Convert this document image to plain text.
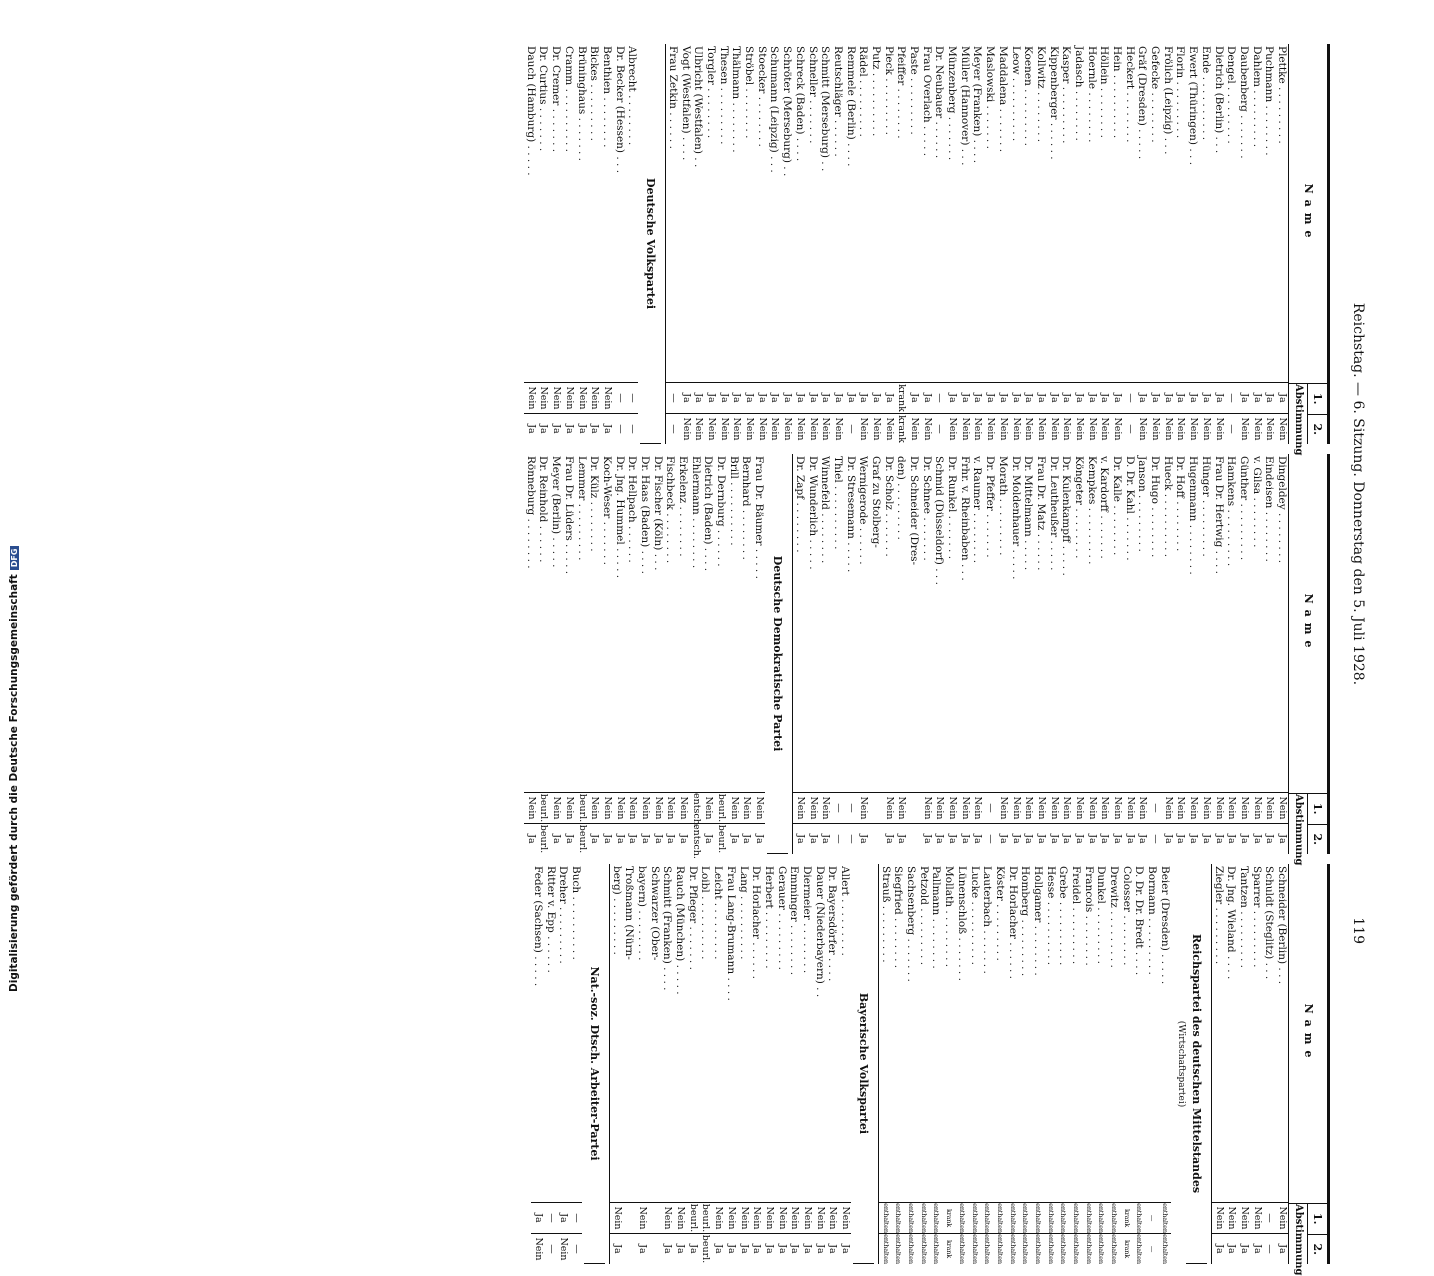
Digitalisierung gefördert durch die Deutsche ForschungsgemeinschaftDFG	Reichstag. — 6. Sitzung. Donnerstag den 5. Juli 1928.
119
Name
1.
2.
Abstimmung
Plettke . . . . . . . . .
Ja
Nein
Puchmann . . . . . . . .
Ja
Nein
Dahlem . . . . . . . . .
Ja
Nein
Daubenberg . . . . . . .
Ja
Nein
Dengel . . . . . . . . .
—
—
Dietrich (Berlin) . . .
Ja
Nein
Ende . . . . . . . . . .
Ja
Nein
Ewert (Thüringen) . . .
Ja
Nein
Florin . . . . . . . . .
Ja
Nein
Frölich (Leipzig) . . .
Ja
Nein
Gefecke . . . . . . . .
Ja
Nein
Gräf (Dresden) . . . . .
Ja
Nein
Heckert . . . . . . . .
—
—
Hein . . . . . . . . . .
Ja
Nein
Höllein . . . . . . . .
Ja
Nein
Hoernle . . . . . . . .
Ja
Nein
Jadasch . . . . . . . .
Ja
Nein
Kasper . . . . . . . . .
Ja
Nein
Kippenberger . . . . . .
Ja
Nein
Kollwitz . . . . . . . .
Ja
Nein
Koenen . . . . . . . . .
Ja
Nein
Leow . . . . . . . . . .
Ja
Nein
Maddalena . . . . . . .
Ja
Nein
Maslowski . . . . . . .
Ja
Nein
Meyer (Franken) . . . .
Ja
Nein
Müller (Hannover) . . .
Ja
Nein
Münzenberg . . . . . . .
Ja
Nein
Dr. Neubauer . . . . . .
—
—
Frau Overlach . . . . .
Ja
Nein
Paste . . . . . . . . .
Ja
Nein
Pfeiffer . . . . . . . .
krank
krank
Pieck . . . . . . . . .
Ja
Nein
Putz . . . . . . . . . .
Ja
Nein
Rädel . . . . . . . . .
Ja
Nein
Remmele (Berlin) . . . .
Ja
—
Reutschläger . . . . . .
Ja
Nein
Schmitt (Merseburg) . .
Ja
Nein
Schneller . . . . . . .
Ja
Nein
Schreck (Baden) . . . .
Ja
Nein
Schröter (Merseburg) . .
Ja
Nein
Schumann (Leipzig) . . .
Ja
Nein
Stoecker . . . . . . . .
Ja
Nein
Ströbel . . . . . . . .
Ja
Nein
Thälmann . . . . . . . .
Ja
Nein
Thesen . . . . . . . . .
Ja
Nein
Torgler . . . . . . . .
Ja
Nein
Ulbricht (Westfalen) . .
Ja
Nein
Vogt (Westfalen) . . . .
Ja
Nein
Frau Zetkin . . . . . .
—
—
Deutsche Volkspartei
Albrecht . . . . . . . .
—
—
Dr. Becker (Hessen) . . .
—
—
Benthien . . . . . . . .
Nein
Ja
Bickes . . . . . . . . .
Nein
Ja
Brüninghaus . . . . . . .
Nein
Ja
Cramm . . . . . . . . . .
Nein
Ja
Dr. Cremer . . . . . . .
Nein
Ja
Dr. Curtius . . . . . . .
Nein
Ja
Dauch (Hamburg) . . . . .
Nein
Ja
Name
1.
2.
Abstimmung
Dingeldey . . . . . . . .
Nein
Ja
Eindeisen . . . . . . . .
Nein
Ja
v. Gilsa . . . . . . . .
Nein
Ja
Günther . . . . . . . . .
Nein
Ja
Hamkens . . . . . . . . .
Nein
Ja
Frau Dr. Hertwig . . . .
Nein
Ja
Hünger . . . . . . . . .
Nein
Ja
Hugenmann . . . . . . . .
Nein
Ja
Dr. Hoff . . . . . . . .
Nein
Ja
Hueck . . . . . . . . . .
Nein
Ja
Dr. Hugo . . . . . . . .
—
—
Janson . . . . . . . . .
Nein
Ja
D. Dr. Kahl . . . . . . .
Nein
Ja
Dr. Kalle . . . . . . . .
Nein
Ja
v. Kardorff . . . . . . .
Nein
Ja
Kempkes . . . . . . . . .
Nein
Ja
Köngeter . . . . . . . .
Nein
Ja
Dr. Kulenkampff . . . . .
Nein
Ja
Dr. Leutheußer . . . . .
Nein
Ja
Frau Dr. Matz . . . . . .
Nein
Ja
Dr. Mittelmann . . . . .
Nein
Ja
Dr. Moldenhauer . . . . .
Nein
Ja
Morath . . . . . . . . .
Nein
Ja
Dr. Pfeffer . . . . . . .
—
—
v. Raumer . . . . . . . .
Nein
Ja
Frhr. v. Rheinbaben . . .
Nein
Ja
Dr. Runkel . . . . . . .
Nein
Ja
Schmid (Düsseldorf) . . .
Nein
Ja
Dr. Schnee . . . . . . .
Nein
Ja
Dr. Schneider (Dres-
den) . . . . . . . . .
Nein
Ja
Dr. Scholz . . . . . . .
Nein
Ja
Graf zu Stolberg-
Wernigerode . . . . . .
Nein
Ja
Dr. Stresemann . . . . .
—
—
Thiel . . . . . . . . . .
—
—
Winnefeld . . . . . . . .
Nein
Ja
Dr. Wunderlich . . . . .
Nein
Ja
Dr. Zapf . . . . . . . .
Nein
Ja
Deutsche Demokratische Partei
Frau Dr. Bäumer . . . . .
Nein
Ja
Bernhard . . . . . . . .
Nein
Ja
Brill . . . . . . . . . .
Nein
Ja
Dr. Dernburg . . . . . .
beurl.
beurl.
Dietrich (Baden) . . . .
Nein
Ja
Ehlermann . . . . . . . .
entsch.
entsch.
Erkelenz . . . . . . . .
Nein
Ja
Fischbeck . . . . . . . .
Nein
Ja
Dr. Fischer (Köln) . . .
Nein
Ja
Dr. Haas (Baden) . . . .
Nein
Ja
Dr. Hellpach . . . . . .
Nein
Ja
Dr. Jng. Hummel . . . . .
Nein
Ja
Koch-Weser . . . . . . .
Nein
Ja
Dr. Külz . . . . . . . .
Nein
Ja
Lemmer . . . . . . . . .
beurl.
beurl.
Frau Dr. Lüders . . . . .
Nein
Ja
Meyer (Berlin) . . . . .
Nein
Ja
Dr. Reinhold . . . . . .
beurl.
beurl.
Rönneburg . . . . . . . .
Nein
Ja
Name
1.
2.
Abstimmung
Schneider (Berlin) . . .
Nein
Ja
Schuldt (Steglitz) . . .
—
—
Sparrer . . . . . . . . .
Nein
Ja
Tantzen . . . . . . . . .
Nein
Ja
Dr. Jng. Wieland . . . .
Nein
Ja
Ziegler . . . . . . . . .
Nein
Ja
Reichspartei des deutschen Mittelstandes
(Wirtschaftspartei)
Beier (Dresden) . . . . .
enthalten
enthalten
Bormann . . . . . . . . .
—
—
D. Dr. Dr. Bredt . . . .
enthalten
enthalten
Colosser . . . . . . . .
krank
krank
Drewitz . . . . . . . . .
enthalten
enthalten
Dunkel . . . . . . . . .
enthalten
enthalten
Francois . . . . . . . .
enthalten
enthalten
Freidel . . . . . . . . .
enthalten
enthalten
Grebe . . . . . . . . . .
enthalten
enthalten
Hesse . . . . . . . . . .
enthalten
enthalten
Hollgamer . . . . . . . .
enthalten
enthalten
Homberg . . . . . . . . .
enthalten
enthalten
Dr. Horlacher . . . . . .
enthalten
enthalten
Köster . . . . . . . . .
enthalten
enthalten
Lauterbach . . . . . . .
enthalten
enthalten
Lucke . . . . . . . . . .
enthalten
enthalten
Lünenschloß . . . . . . .
enthalten
enthalten
Mollath . . . . . . . . .
krank
krank
Pallmann . . . . . . . .
enthalten
enthalten
Petzold . . . . . . . . .
enthalten
enthalten
Sachsenberg . . . . . . .
enthalten
enthalten
Siegfried . . . . . . . .
enthalten
enthalten
Strauß . . . . . . . . .
enthalten
enthalten
Bayerische Volkspartei
Allert . . . . . . . . .
Nein
Ja
Dr. Bayersdörfer . . . .
Nein
Ja
Dauer (Niederbayern) . .
Nein
Ja
Diermeier . . . . . . . .
Nein
Ja
Emminger . . . . . . . .
Nein
Ja
Gerauer . . . . . . . . .
Nein
Ja
Herbert . . . . . . . . .
Nein
Ja
Dr. Horlacher . . . . . .
Nein
Ja
Lang . . . . . . . . . .
Nein
Ja
Frau Lang-Brumann . . . .
Nein
Ja
Leicht . . . . . . . . .
Nein
Ja
Loibl . . . . . . . . . .
beurl.
beurl.
Dr. Pfleger . . . . . . .
beurl.
Ja
Rauch (München) . . . . .
Nein
Ja
Schmitt (Franken) . . . .
Nein
Ja
Schwarzer (Ober-
bayern) . . . . . . . .
Nein
Ja
Troßmann (Nürn-
berg) . . . . . . . . .
Nein
Ja
Nat.-soz. Dtsch. Arbeiter-Partei
Buch . . . . . . . . . .
—
—
Dreher . . . . . . . . .
Ja
Nein
Ritter v. Epp . . . . . .
—
—
Feder (Sachsen) . . . . .
Ja
Nein
